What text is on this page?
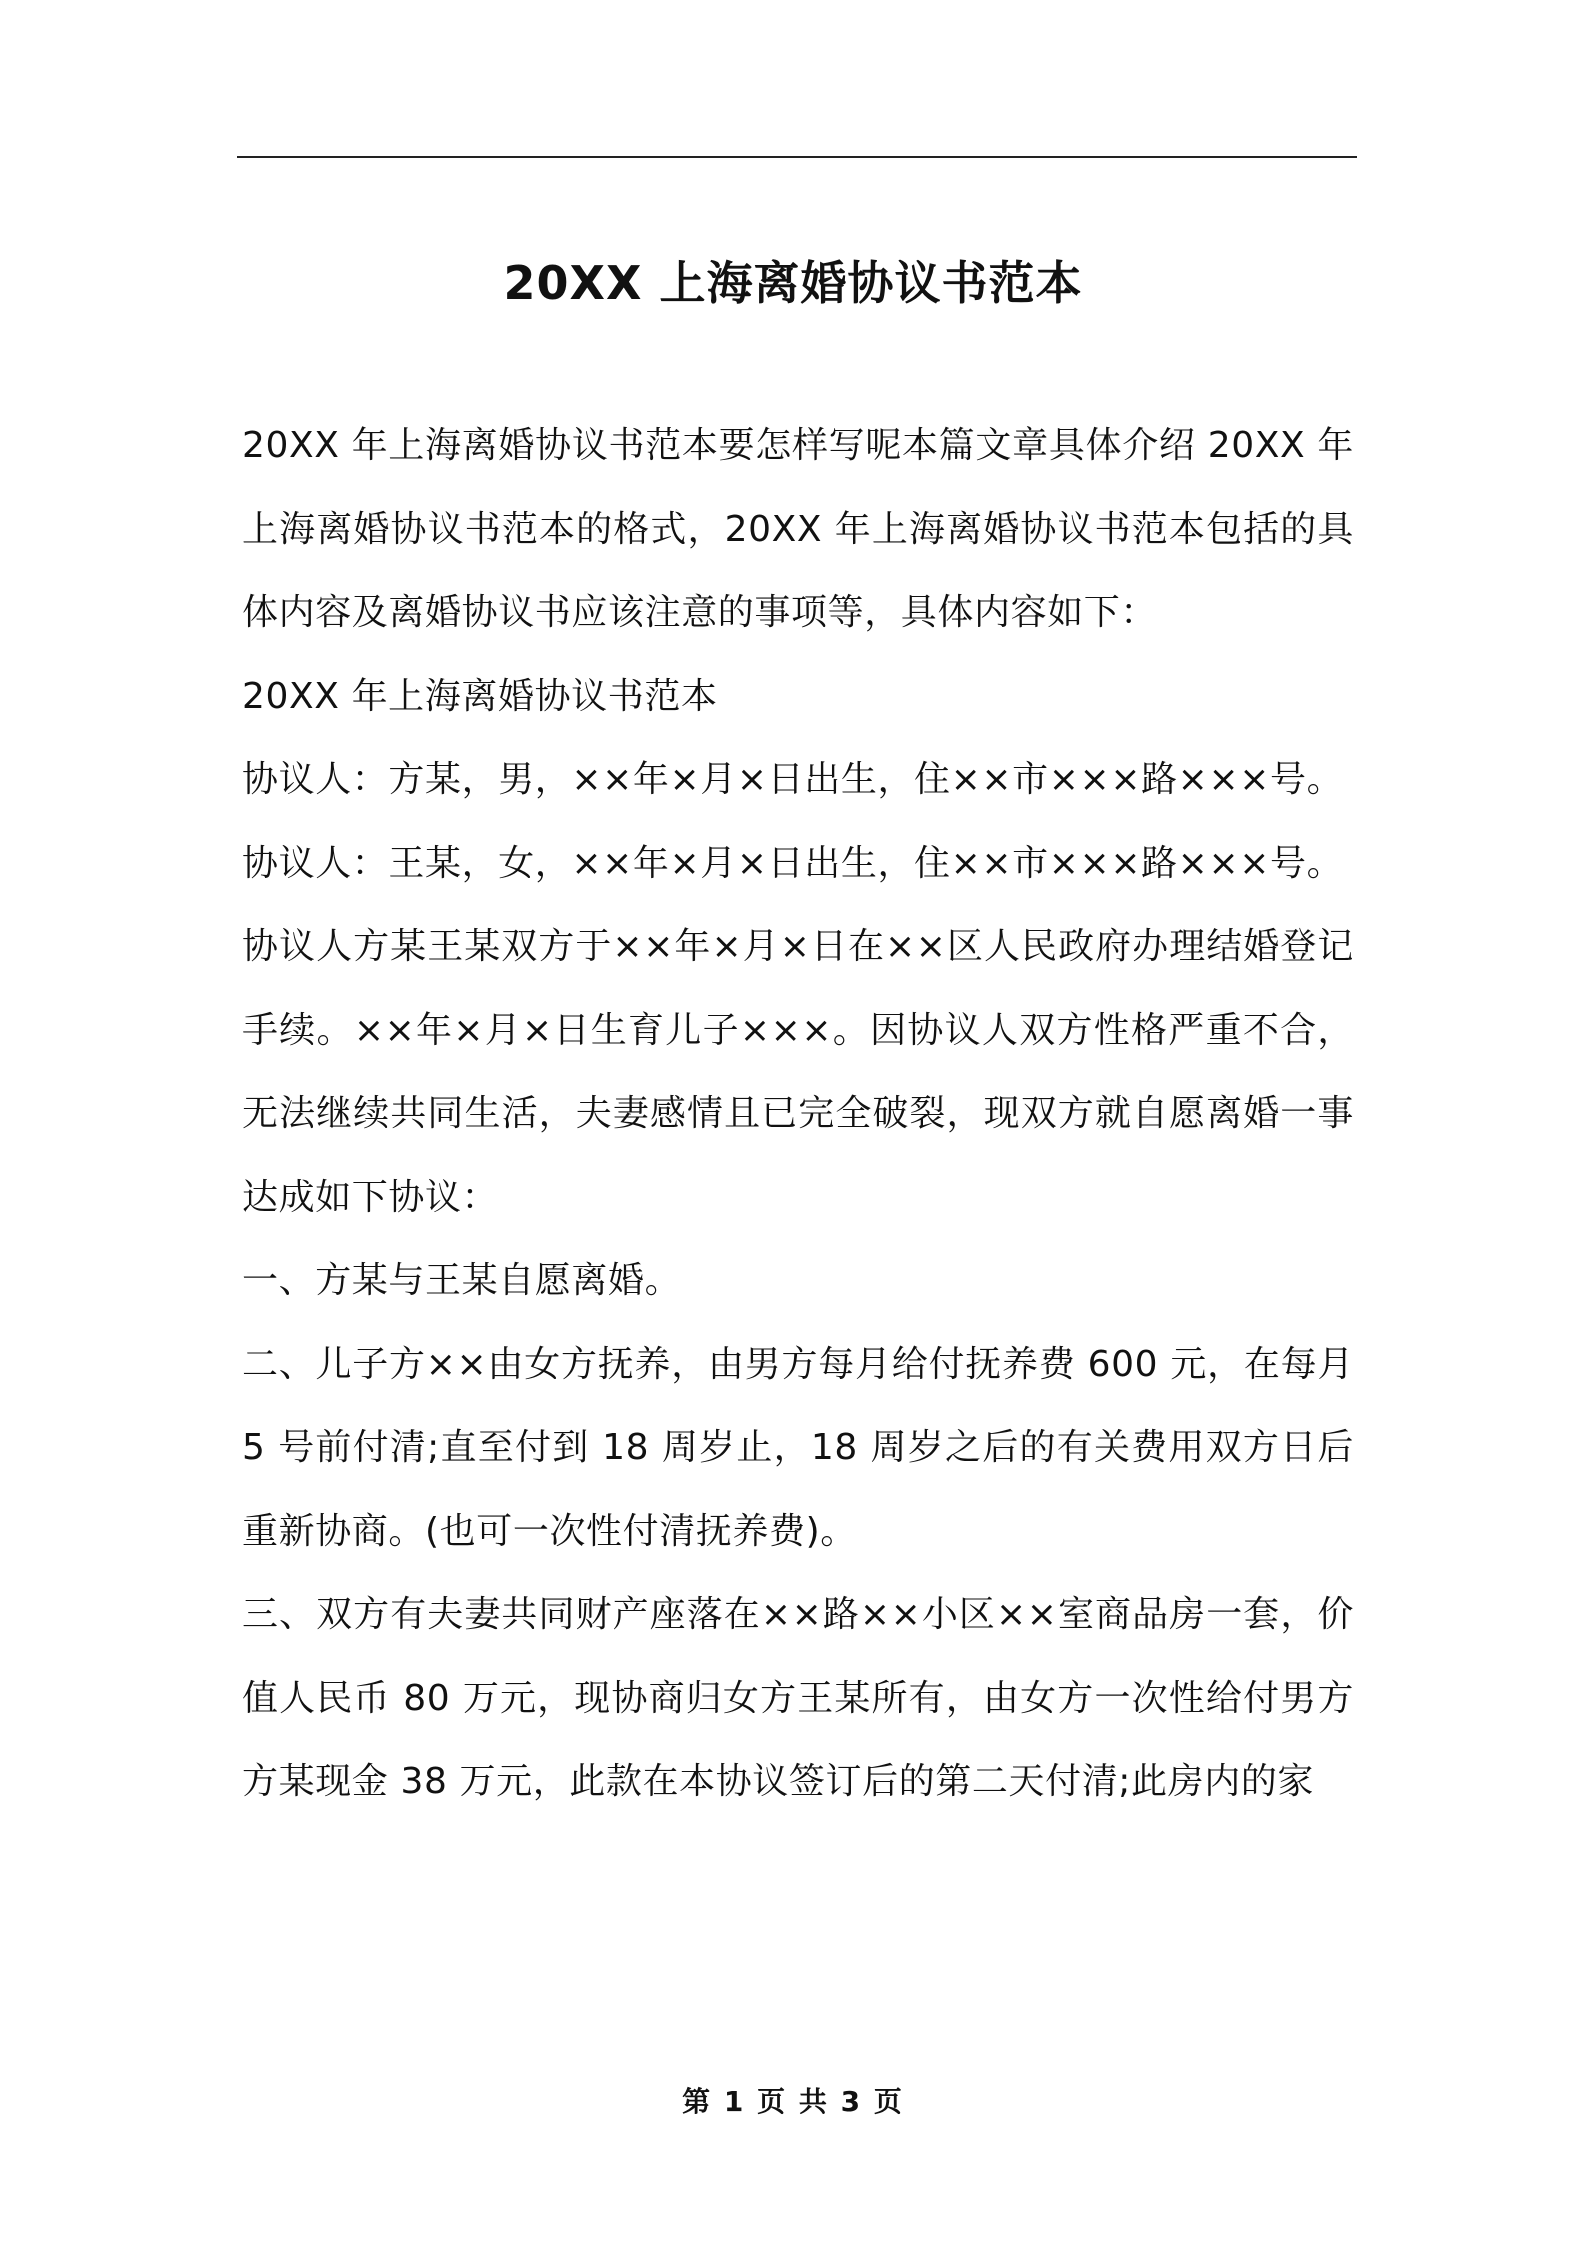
20XX 上海离婚协议书范本

20XX 年上海离婚协议书范本要怎样写呢本篇文章具体介绍 20XX 年上海离婚协议书范本的格式，20XX 年上海离婚协议书范本包括的具体内容及离婚协议书应该注意的事项等，具体内容如下：

20XX 年上海离婚协议书范本

协议人：方某，男，××年×月×日出生，住××市×××路×××号。

协议人：王某，女，××年×月×日出生，住××市×××路×××号。

协议人方某王某双方于××年×月×日在××区人民政府办理结婚登记手续。××年×月×日生育儿子×××。因协议人双方性格严重不合，无法继续共同生活，夫妻感情且已完全破裂，现双方就自愿离婚一事达成如下协议：

一、方某与王某自愿离婚。

二、儿子方××由女方抚养，由男方每月给付抚养费 600 元，在每月 5 号前付清;直至付到 18 周岁止，18 周岁之后的有关费用双方日后重新协商。(也可一次性付清抚养费)。

三、双方有夫妻共同财产座落在××路××小区××室商品房一套，价值人民币 80 万元，现协商归女方王某所有，由女方一次性给付男方方某现金 38 万元，此款在本协议签订后的第二天付清;此房内的家

第 1 页 共 3 页
